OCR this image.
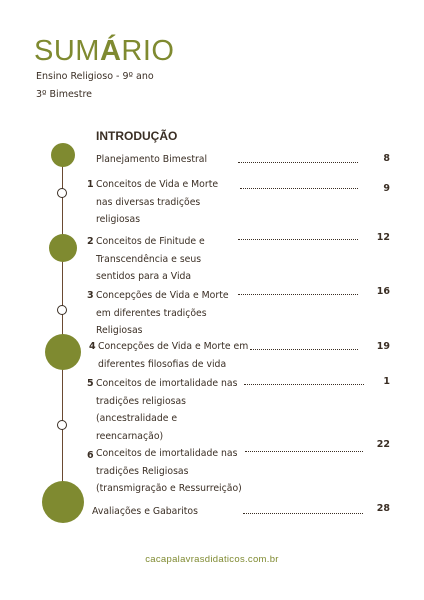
SUMÁRIO
Ensino Religioso - 9º ano
3º Bimestre
INTRODUÇÃO
Planejamento Bimestral	8
1 Conceitos de Vida e Morte
nas diversas tradições
religiosas
9
2 Conceitos de Finitude e
Transcendência e seus
sentidos para a Vida
12
3 Concepções de Vida e Morte
em diferentes tradições
Religiosas
16
4 Concepções de Vida e Morte em
diferentes filosofias de vida
19
5 Conceitos de imortalidade nas
tradições religiosas
(ancestralidade e
reencarnação)
1
6 Conceitos de imortalidade nas
tradições Religiosas
(transmigração e Ressurreição)
22
Avaliações e Gabaritos	28
cacapalavrasdidaticos.com.br
